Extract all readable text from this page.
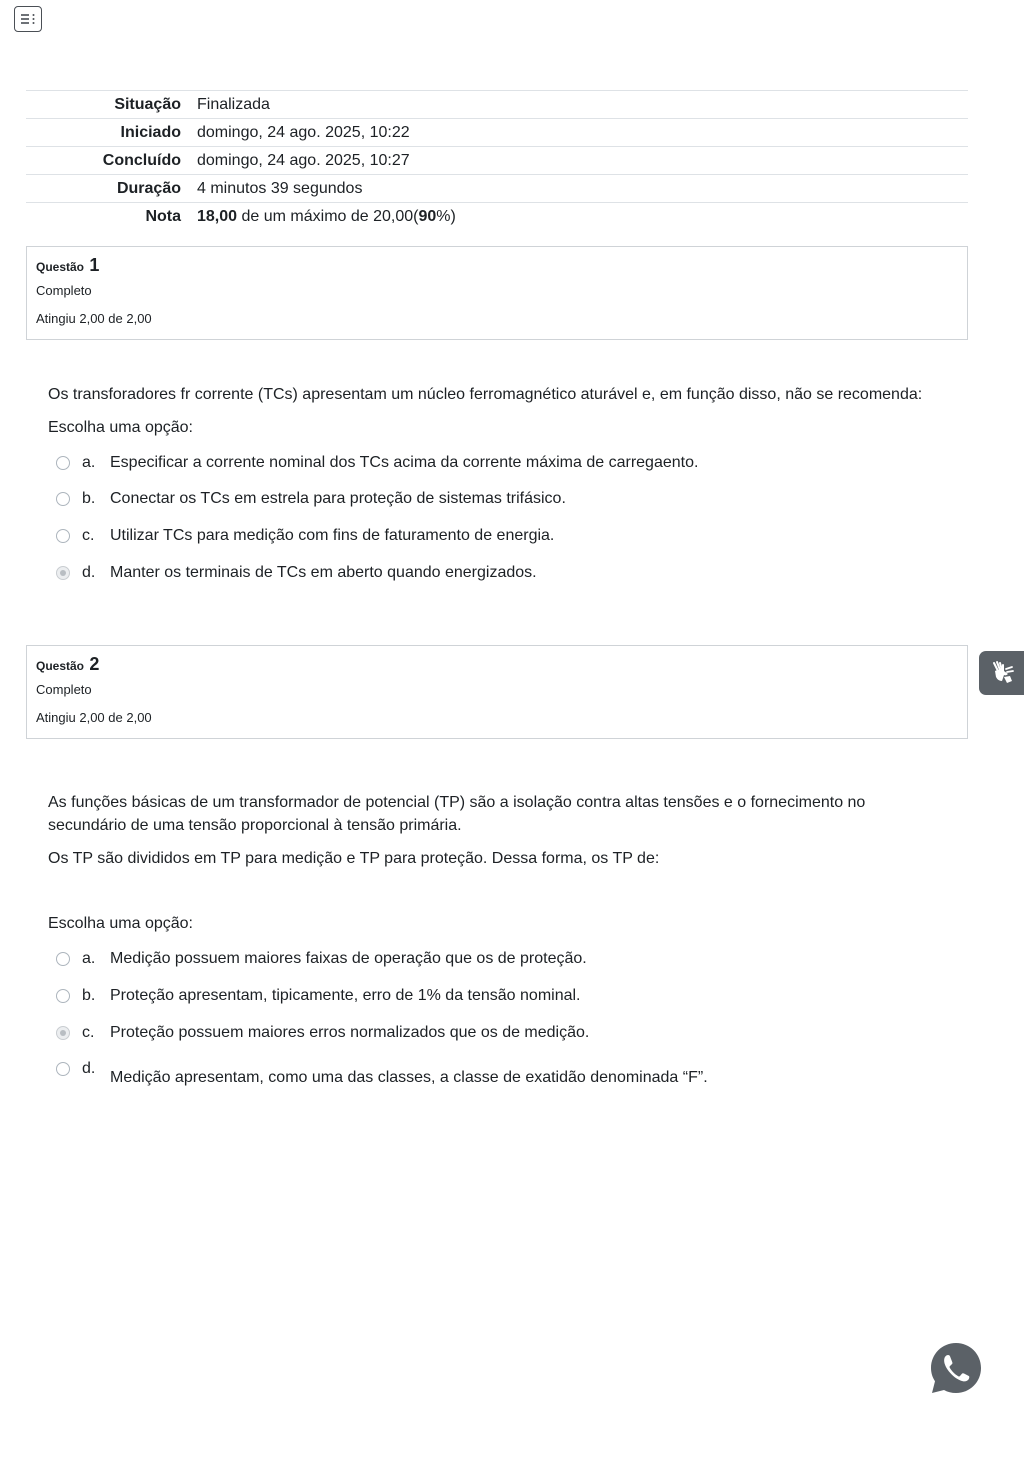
Situação	Finalizada
Iniciado	domingo, 24 ago. 2025, 10:22
Concluído	domingo, 24 ago. 2025, 10:27
Duração	4 minutos 39 segundos
Nota	18,00 de um máximo de 20,00(90%)
Questão 1
Completo
Atingiu 2,00 de 2,00

Os transforadores fr corrente (TCs) apresentam um núcleo ferromagnético aturável e, em função disso, não se recomenda:

Escolha uma opção:
a. Especificar a corrente nominal dos TCs acima da corrente máxima de carregaento.
b. Conectar os TCs em estrela para proteção de sistemas trifásico.
c. Utilizar TCs para medição com fins de faturamento de energia.
d. Manter os terminais de TCs em aberto quando energizados.
Questão 2
Completo
Atingiu 2,00 de 2,00

As funções básicas de um transformador de potencial (TP) são a isolação contra altas tensões e o fornecimento no secundário de uma tensão proporcional à tensão primária.

Os TP são divididos em TP para medição e TP para proteção. Dessa forma, os TP de:

Escolha uma opção:
a. Medição possuem maiores faixas de operação que os de proteção.
b. Proteção apresentam, tipicamente, erro de 1% da tensão nominal.
c. Proteção possuem maiores erros normalizados que os de medição.
d.
Medição apresentam, como uma das classes, a classe de exatidão denominada “F”.
